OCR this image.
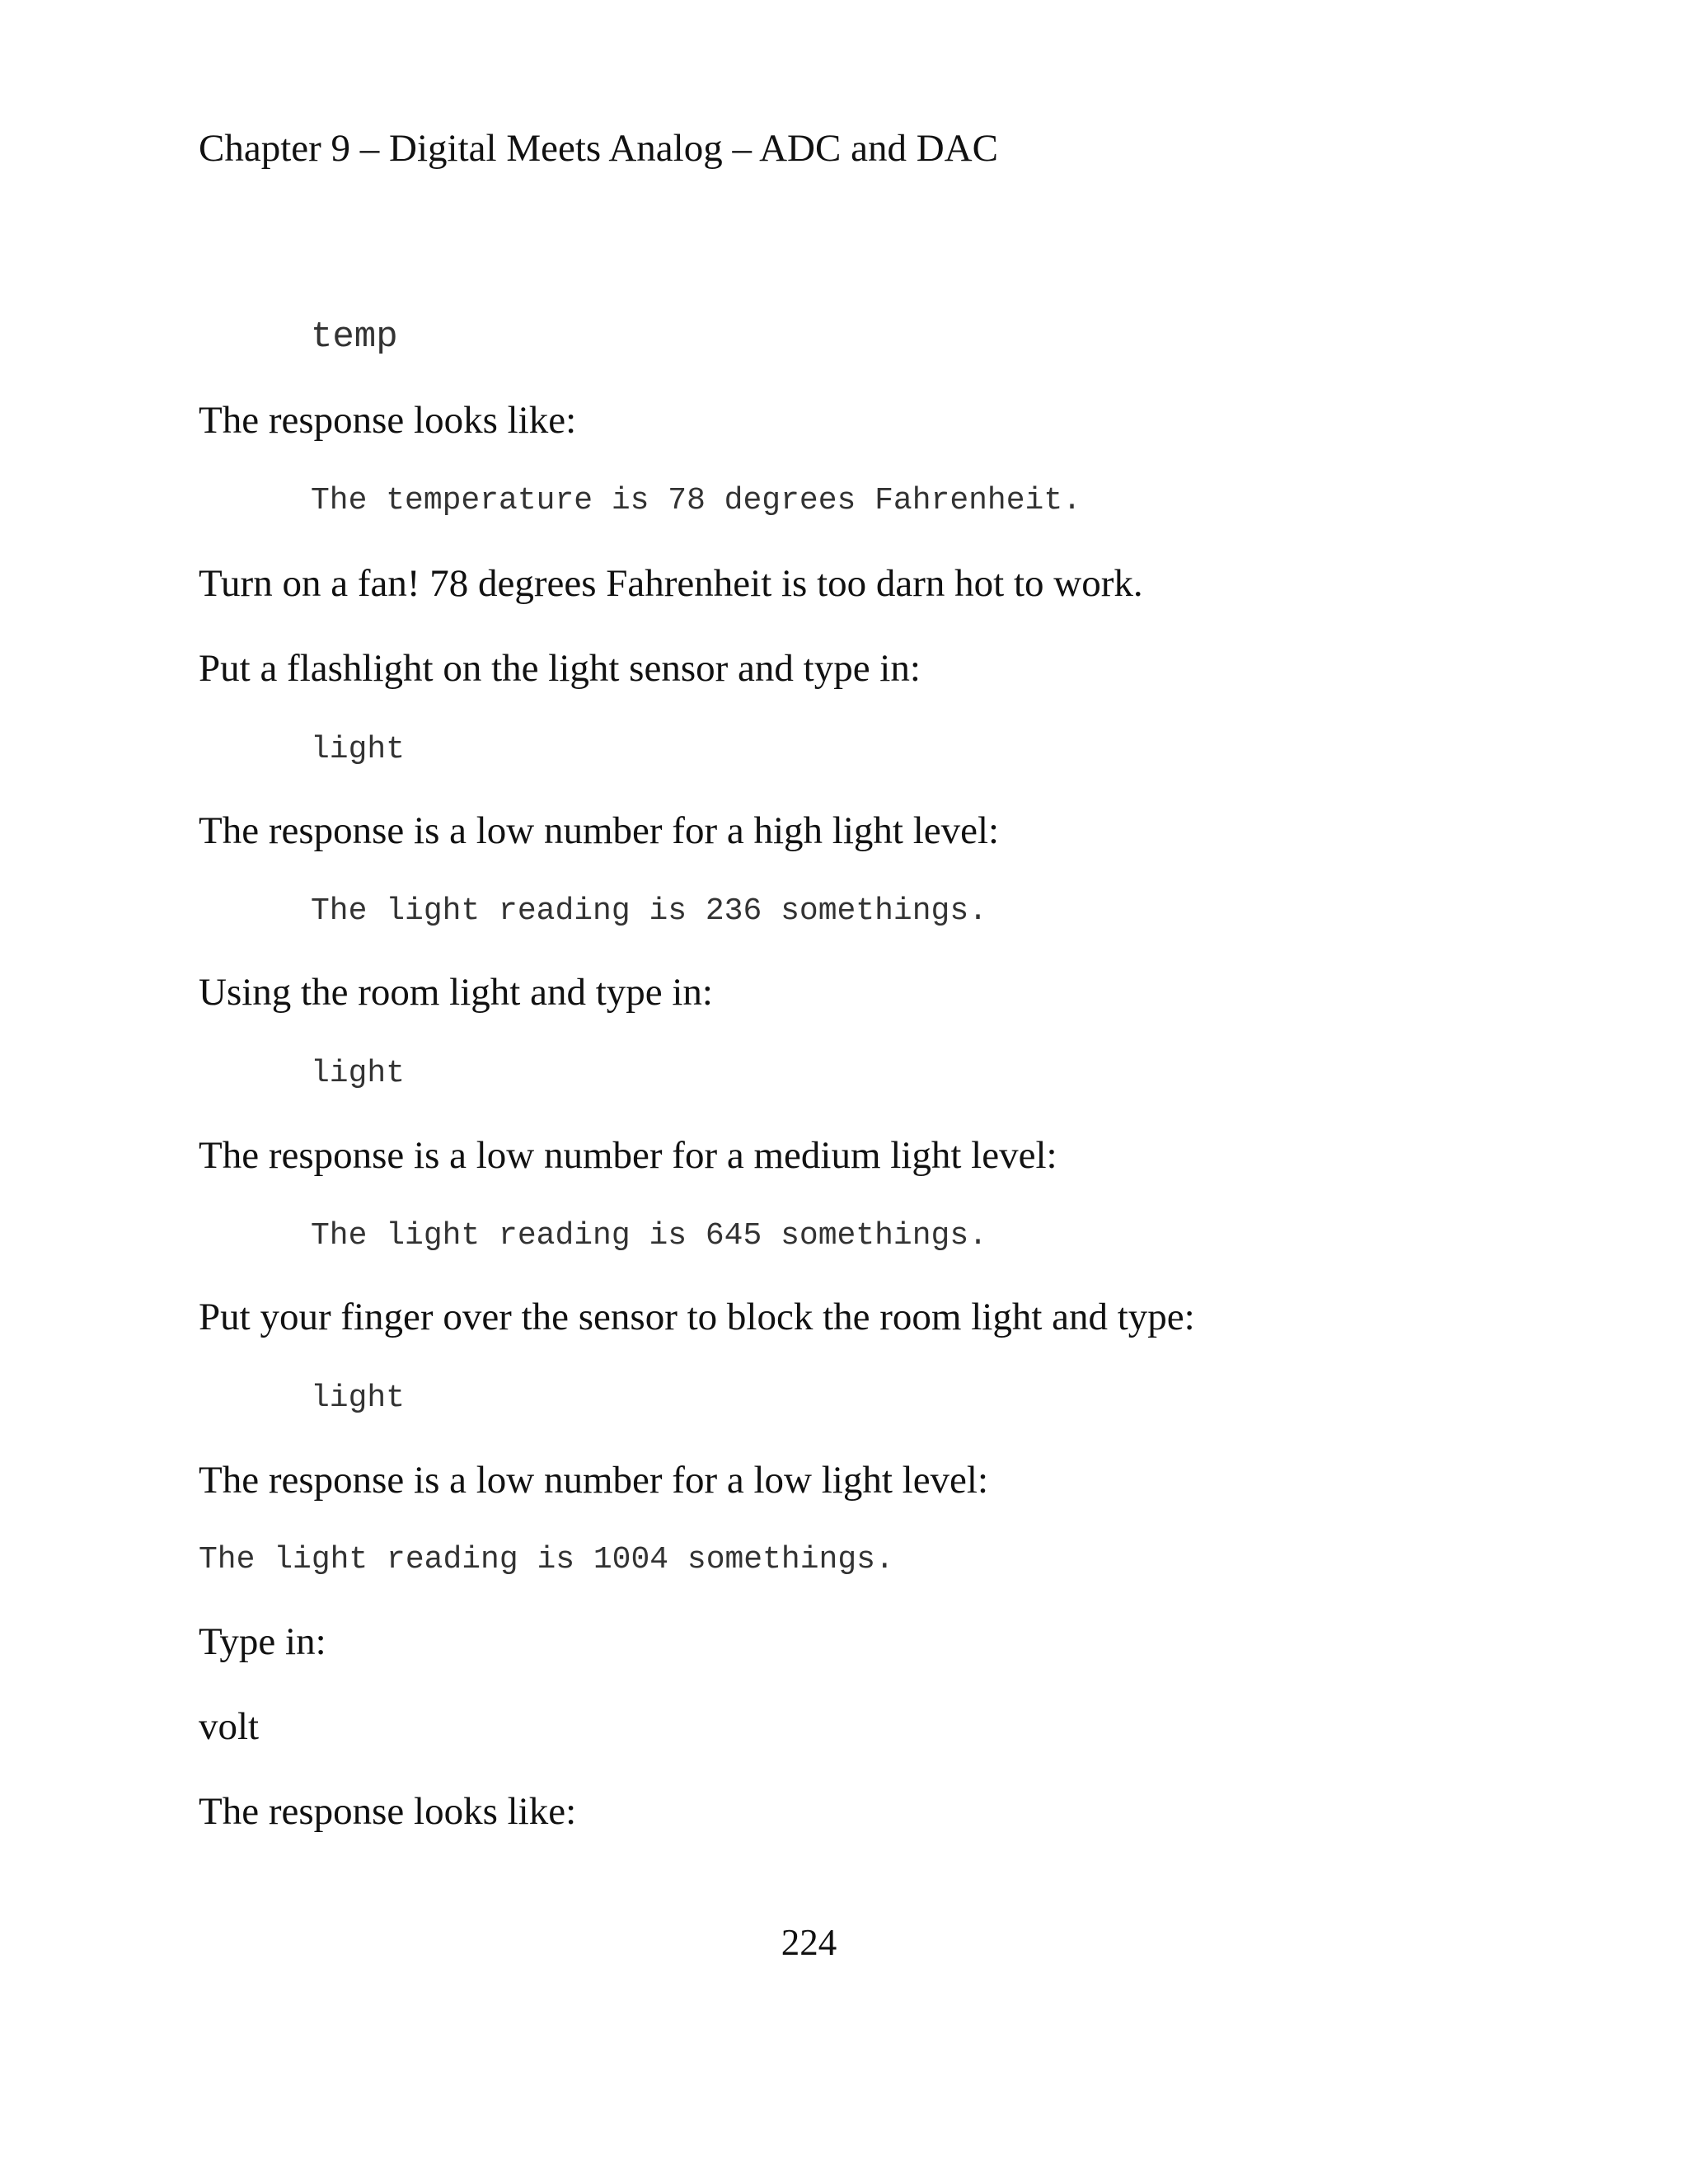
Chapter 9 – Digital Meets Analog – ADC and DAC
temp
The response looks like:
The temperature is 78 degrees Fahrenheit.
Turn on a fan! 78 degrees Fahrenheit is too darn hot to work.
Put a flashlight on the light sensor and type in:
light
The response is a low number for a high light level:
The light reading is 236 somethings.
Using the room light and type in:
light
The response is a low number for a medium light level:
The light reading is 645 somethings.
Put your finger over the sensor to block the room light and type:
light
The response is a low number for a low light level:
The light reading is 1004 somethings.
Type in:
volt
The response looks like:
224
